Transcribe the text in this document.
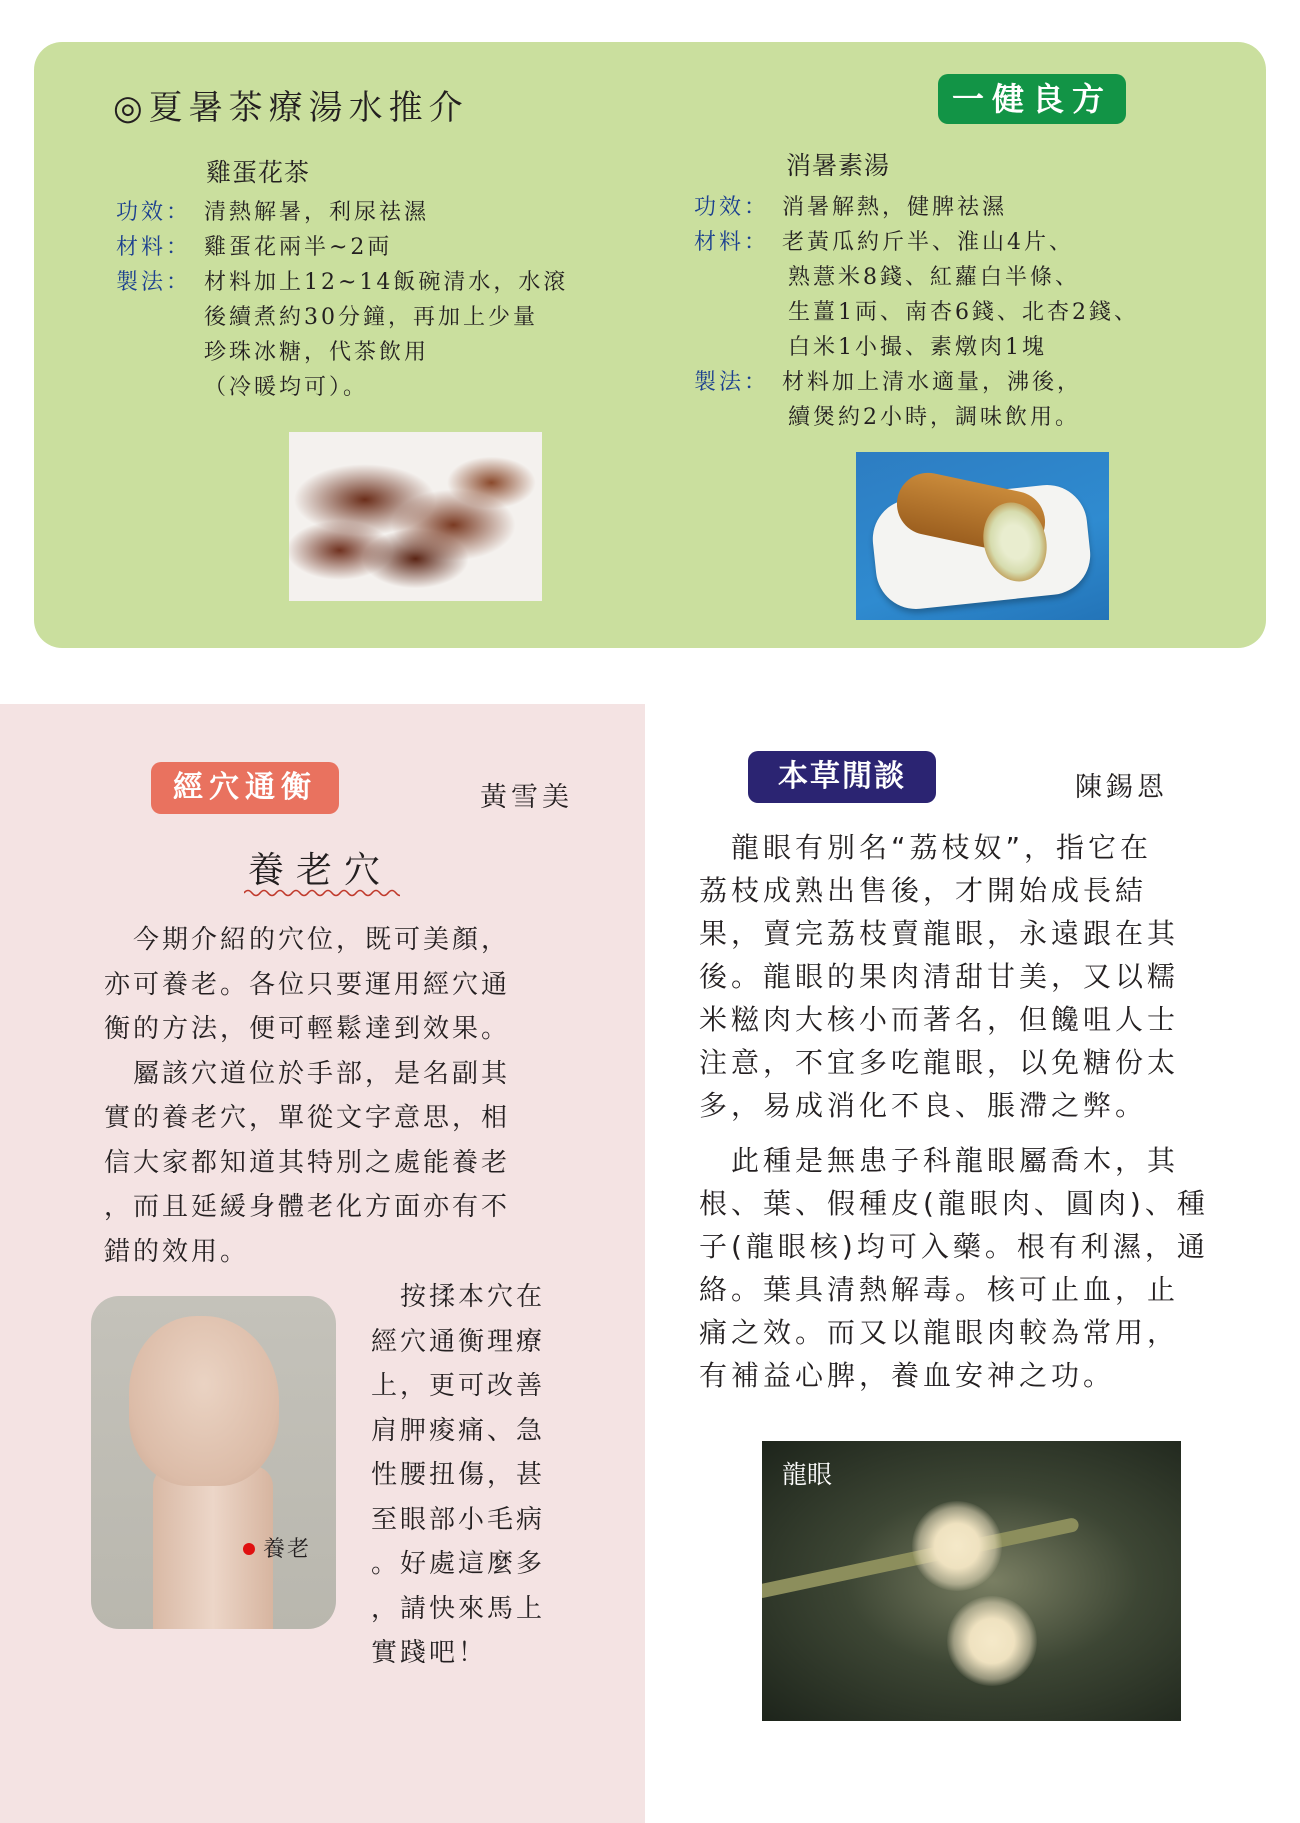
◎夏暑茶療湯水推介	一健良方
雞蛋花茶
功效： 清熱解暑，利尿祛濕
材料： 雞蛋花兩半~2両
製法： 材料加上12~14飯碗清水，水滾
後續煮約30分鐘，再加上少量
珍珠冰糖，代茶飲用
（冷暖均可）。
消暑素湯
功效： 消暑解熱，健脾祛濕
材料： 老黃瓜約斤半、淮山4片、
熟薏米8錢、紅蘿白半條、
生薑1両、南杏6錢、北杏2錢、
白米1小撮、素燉肉1塊
製法： 材料加上清水適量，沸後，
續煲約2小時，調味飲用。
經穴通衡	黃雪美
養老穴

　今期介紹的穴位，既可美顏，

亦可養老。各位只要運用經穴通

衡的方法，便可輕鬆達到效果。

　屬該穴道位於手部，是名副其

實的養老穴，單從文字意思，相

信大家都知道其特別之處能養老

，而且延緩身體老化方面亦有不

錯的效用。

養老

　按揉本穴在

經穴通衡理療

上，更可改善

肩胛痠痛、急

性腰扭傷，甚

至眼部小毛病

。好處這麼多

，請快來馬上

實踐吧！

本草閒談	陳錫恩

　龍眼有別名“荔枝奴”，指它在

荔枝成熟出售後，才開始成長結

果，賣完荔枝賣龍眼，永遠跟在其

後。龍眼的果肉清甜甘美，又以糯

米糍肉大核小而著名，但饞咀人士

注意，不宜多吃龍眼，以免糖份太

多，易成消化不良、脹滯之弊。

　此種是無患子科龍眼屬喬木，其

根、葉、假種皮(龍眼肉、圓肉)、種

子(龍眼核)均可入藥。根有利濕，通

絡。葉具清熱解毒。核可止血，止

痛之效。而又以龍眼肉較為常用，

有補益心脾，養血安神之功。

龍眼
